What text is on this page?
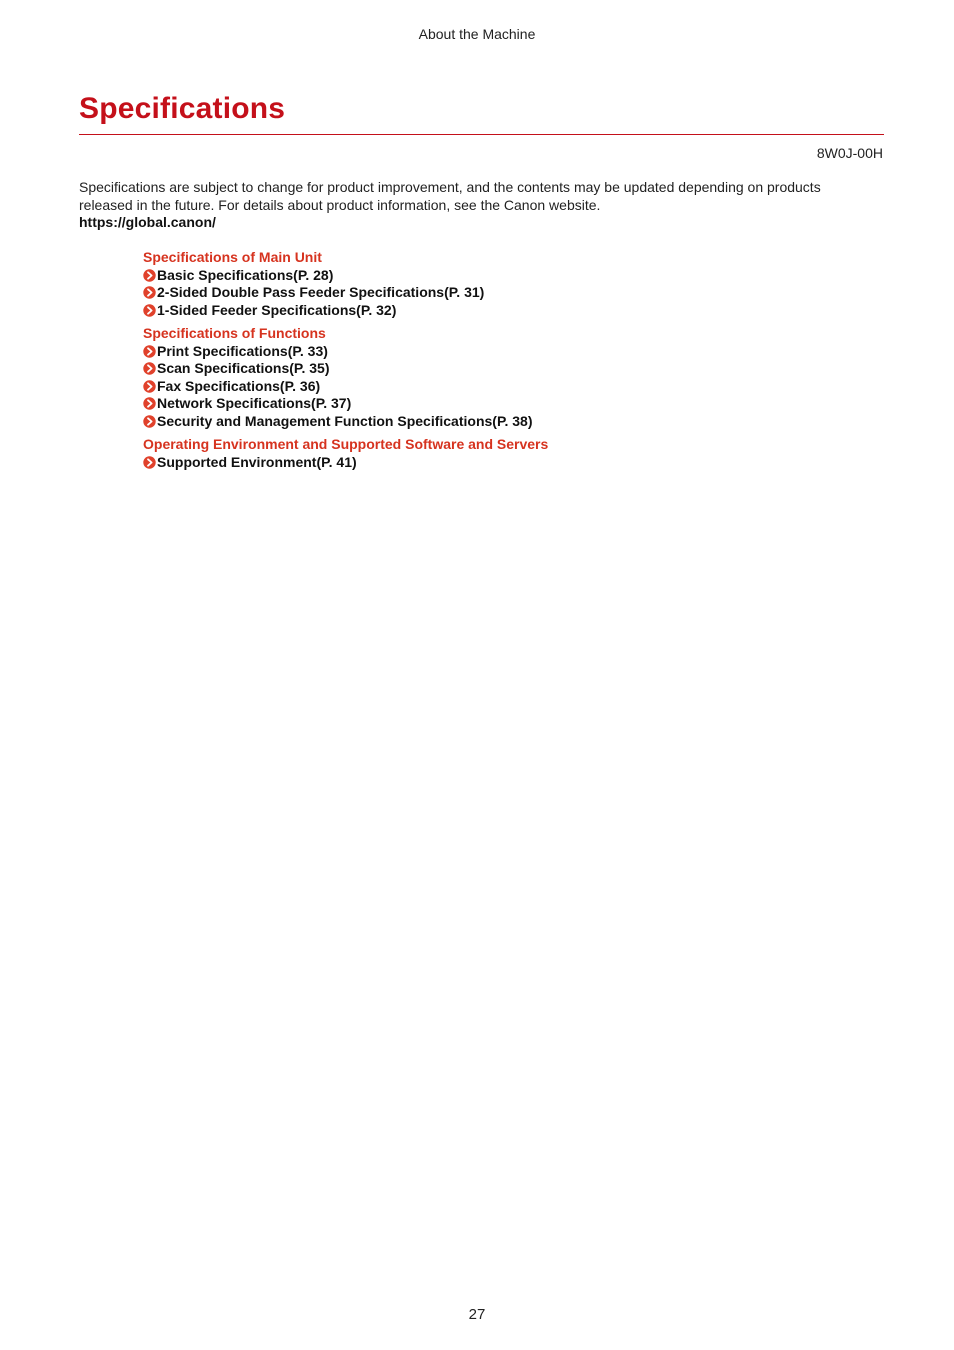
About the Machine
Specifications
8W0J-00H

Specifications are subject to change for product improvement, and the contents may be updated depending on products released in the future. For details about product information, see the Canon website.

https://global.canon/

Specifications of Main Unit
Basic Specifications(P. 28)
2-Sided Double Pass Feeder Specifications(P. 31)
1-Sided Feeder Specifications(P. 32)
Specifications of Functions
Print Specifications(P. 33)
Scan Specifications(P. 35)
Fax Specifications(P. 36)
Network Specifications(P. 37)
Security and Management Function Specifications(P. 38)
Operating Environment and Supported Software and Servers
Supported Environment(P. 41)
27
